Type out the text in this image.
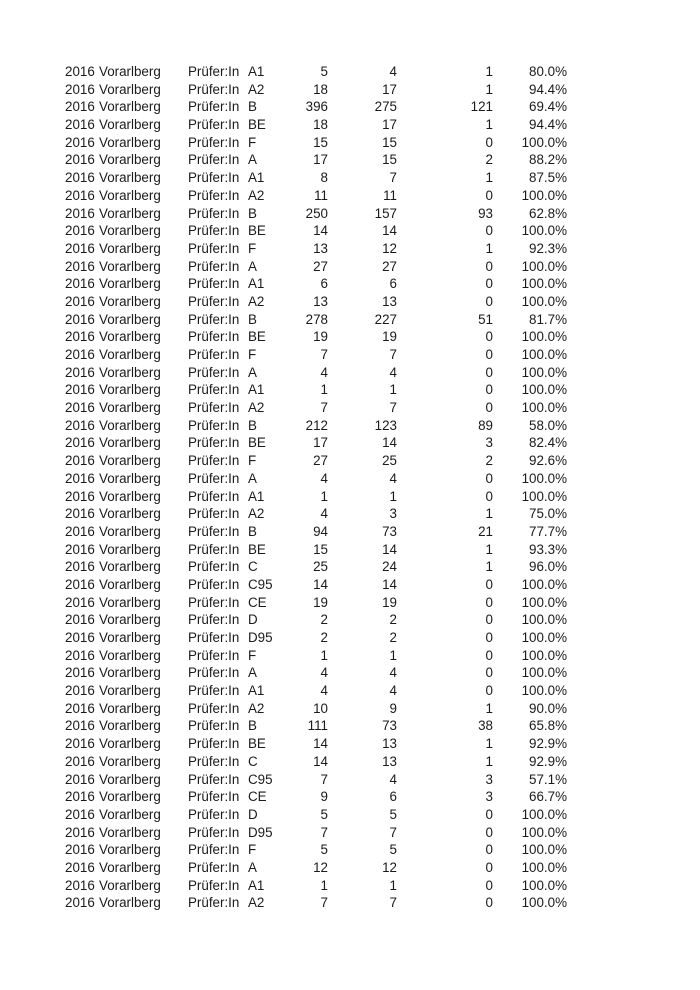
2016 Vorarlberg	Prüfer:In A1	5	4	1	80.0%
2016 Vorarlberg	Prüfer:In A2	18	17	1	94.4%
2016 Vorarlberg	Prüfer:In B	396	275	121	69.4%
2016 Vorarlberg	Prüfer:In BE	18	17	1	94.4%
2016 Vorarlberg	Prüfer:In F	15	15	0	100.0%
2016 Vorarlberg	Prüfer:In A	17	15	2	88.2%
2016 Vorarlberg	Prüfer:In A1	8	7	1	87.5%
2016 Vorarlberg	Prüfer:In A2	11	11	0	100.0%
2016 Vorarlberg	Prüfer:In B	250	157	93	62.8%
2016 Vorarlberg	Prüfer:In BE	14	14	0	100.0%
2016 Vorarlberg	Prüfer:In F	13	12	1	92.3%
2016 Vorarlberg	Prüfer:In A	27	27	0	100.0%
2016 Vorarlberg	Prüfer:In A1	6	6	0	100.0%
2016 Vorarlberg	Prüfer:In A2	13	13	0	100.0%
2016 Vorarlberg	Prüfer:In B	278	227	51	81.7%
2016 Vorarlberg	Prüfer:In BE	19	19	0	100.0%
2016 Vorarlberg	Prüfer:In F	7	7	0	100.0%
2016 Vorarlberg	Prüfer:In A	4	4	0	100.0%
2016 Vorarlberg	Prüfer:In A1	1	1	0	100.0%
2016 Vorarlberg	Prüfer:In A2	7	7	0	100.0%
2016 Vorarlberg	Prüfer:In B	212	123	89	58.0%
2016 Vorarlberg	Prüfer:In BE	17	14	3	82.4%
2016 Vorarlberg	Prüfer:In F	27	25	2	92.6%
2016 Vorarlberg	Prüfer:In A	4	4	0	100.0%
2016 Vorarlberg	Prüfer:In A1	1	1	0	100.0%
2016 Vorarlberg	Prüfer:In A2	4	3	1	75.0%
2016 Vorarlberg	Prüfer:In B	94	73	21	77.7%
2016 Vorarlberg	Prüfer:In BE	15	14	1	93.3%
2016 Vorarlberg	Prüfer:In C	25	24	1	96.0%
2016 Vorarlberg	Prüfer:In C95	14	14	0	100.0%
2016 Vorarlberg	Prüfer:In CE	19	19	0	100.0%
2016 Vorarlberg	Prüfer:In D	2	2	0	100.0%
2016 Vorarlberg	Prüfer:In D95	2	2	0	100.0%
2016 Vorarlberg	Prüfer:In F	1	1	0	100.0%
2016 Vorarlberg	Prüfer:In A	4	4	0	100.0%
2016 Vorarlberg	Prüfer:In A1	4	4	0	100.0%
2016 Vorarlberg	Prüfer:In A2	10	9	1	90.0%
2016 Vorarlberg	Prüfer:In B	111	73	38	65.8%
2016 Vorarlberg	Prüfer:In BE	14	13	1	92.9%
2016 Vorarlberg	Prüfer:In C	14	13	1	92.9%
2016 Vorarlberg	Prüfer:In C95	7	4	3	57.1%
2016 Vorarlberg	Prüfer:In CE	9	6	3	66.7%
2016 Vorarlberg	Prüfer:In D	5	5	0	100.0%
2016 Vorarlberg	Prüfer:In D95	7	7	0	100.0%
2016 Vorarlberg	Prüfer:In F	5	5	0	100.0%
2016 Vorarlberg	Prüfer:In A	12	12	0	100.0%
2016 Vorarlberg	Prüfer:In A1	1	1	0	100.0%
2016 Vorarlberg	Prüfer:In A2	7	7	0	100.0%
